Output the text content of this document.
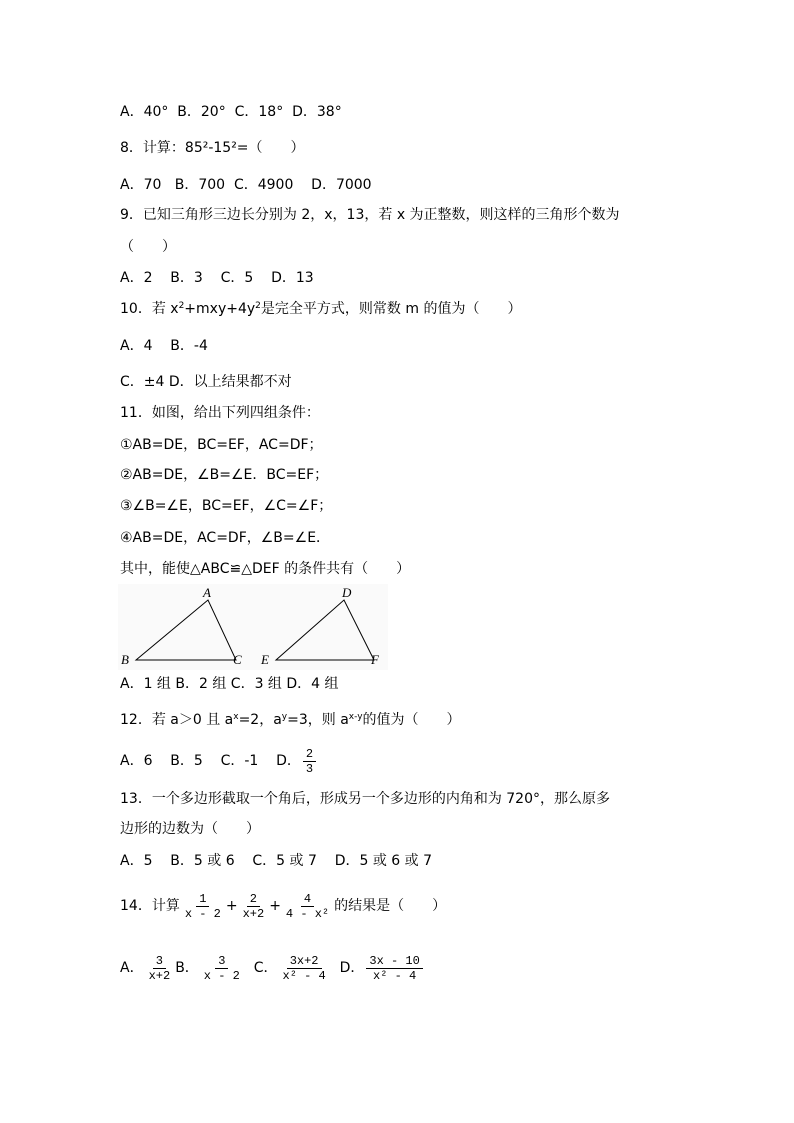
A．40°  B．20°  C．18°  D．38°
8．计算：85²-15²=（　　）
A．70   B．700  C．4900    D．7000
9．已知三角形三边长分别为 2，x，13，若 x 为正整数，则这样的三角形个数为
（　　）
A．2    B．3    C．5    D．13
10．若 $x^2+mxy+4y^2$是完全平方式，则常数 m 的值为（　　）
A．4    B．-4
C．±4 D．以上结果都不对
11．如图，给出下列四组条件：
①AB=DE，BC=EF，AC=DF；
②AB=DE，∠B=∠E．BC=EF；
③∠B=∠E，BC=EF，∠C=∠F；
④AB=DE，AC=DF，∠B=∠E．
其中，能使△ABC≌△DEF 的条件共有（　　）
A
B	C
D
E	F
A．1 组 B．2 组 C．3 组 D．4 组
12．若 a＞0 且 $a^x=2$，$a^y=3$，则 $a^{x-y}$的值为（　　）
A．6    B．5    C．-1    D． $\frac{2}{3}$
13．一个多边形截取一个角后，形成另一个多边形的内角和为 720°，那么原多
边形的边数为（　　）
A．5    B．5 或 6    C．5 或 7    D．5 或 6 或 7
14．计算 $\frac{1}{x - 2} + \frac{2}{x+2} + \frac{4}{\text{4 - x²}}$ 的结果是（　　）
A． $\frac{3}{x+2}$ B． $\frac{3}{x - 2}$ C． $\frac{3x+2}{\text{x² - 4}}$ D． $\frac{3x - 10}{\text{x² - 4}}$
